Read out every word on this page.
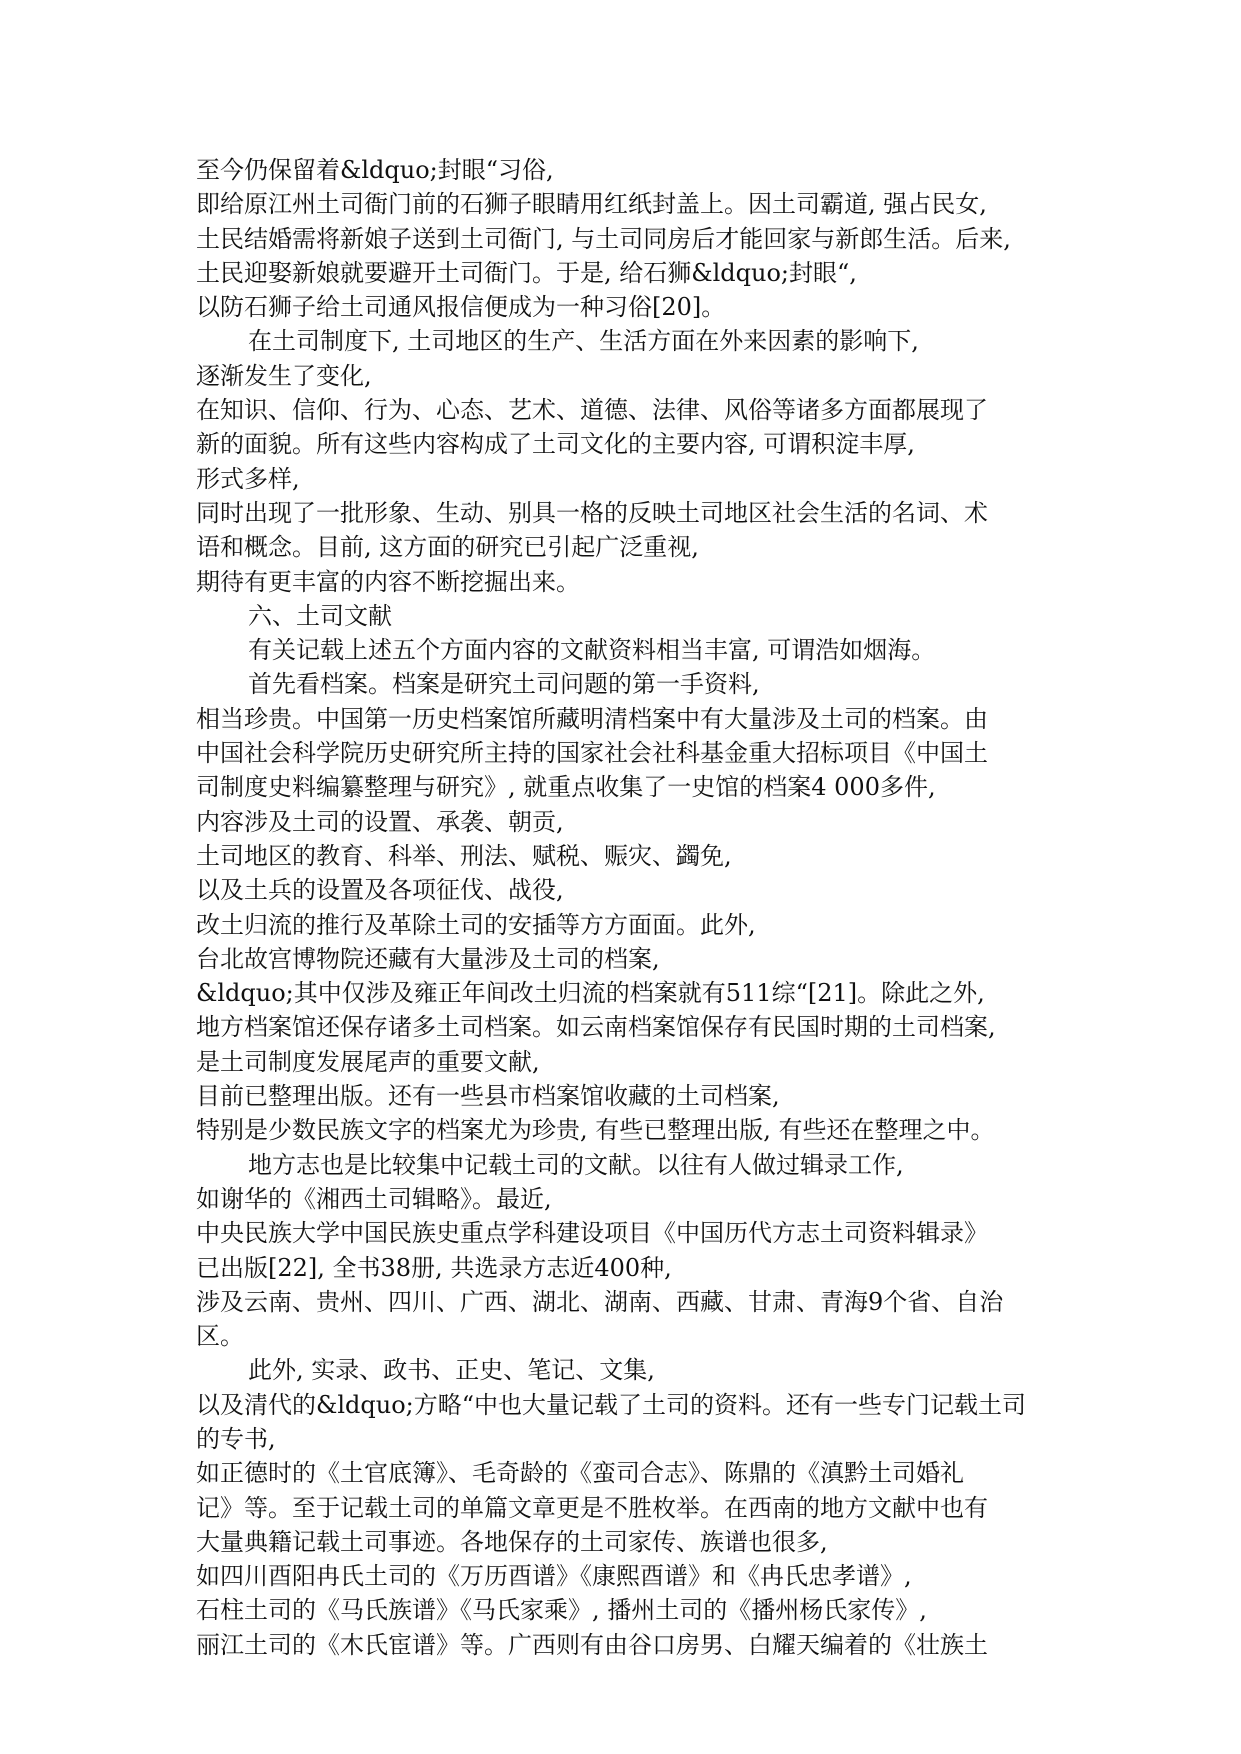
至今仍保留着&ldquo;封眼“习俗,
即给原江州土司衙门前的石狮子眼睛用红纸封盖上。因土司霸道, 强占民女,
土民结婚需将新娘子送到土司衙门, 与土司同房后才能回家与新郎生活。后来,
土民迎娶新娘就要避开土司衙门。于是, 给石狮&ldquo;封眼“,
以防石狮子给土司通风报信便成为一种习俗[20]。
在土司制度下, 土司地区的生产、生活方面在外来因素的影响下,
逐渐发生了变化,
在知识、信仰、行为、心态、艺术、道德、法律、风俗等诸多方面都展现了
新的面貌。所有这些内容构成了土司文化的主要内容, 可谓积淀丰厚,
形式多样,
同时出现了一批形象、生动、别具一格的反映土司地区社会生活的名词、术
语和概念。目前, 这方面的研究已引起广泛重视,
期待有更丰富的内容不断挖掘出来。
六、土司文献
有关记载上述五个方面内容的文献资料相当丰富, 可谓浩如烟海。
首先看档案。档案是研究土司问题的第一手资料,
相当珍贵。中国第一历史档案馆所藏明清档案中有大量涉及土司的档案。由
中国社会科学院历史研究所主持的国家社会社科基金重大招标项目《中国土
司制度史料编纂整理与研究》, 就重点收集了一史馆的档案4 000多件,
内容涉及土司的设置、承袭、朝贡,
土司地区的教育、科举、刑法、赋税、赈灾、蠲免,
以及土兵的设置及各项征伐、战役,
改土归流的推行及革除土司的安插等方方面面。此外,
台北故宫博物院还藏有大量涉及土司的档案,
&ldquo;其中仅涉及雍正年间改土归流的档案就有511综“[21]。除此之外,
地方档案馆还保存诸多土司档案。如云南档案馆保存有民国时期的土司档案,
是土司制度发展尾声的重要文献,
目前已整理出版。还有一些县市档案馆收藏的土司档案,
特别是少数民族文字的档案尤为珍贵, 有些已整理出版, 有些还在整理之中。
地方志也是比较集中记载土司的文献。以往有人做过辑录工作,
如谢华的《湘西土司辑略》。最近,
中央民族大学中国民族史重点学科建设项目《中国历代方志土司资料辑录》
已出版[22], 全书38册, 共选录方志近400种,
涉及云南、贵州、四川、广西、湖北、湖南、西藏、甘肃、青海9个省、自治
区。
此外, 实录、政书、正史、笔记、文集,
以及清代的&ldquo;方略“中也大量记载了土司的资料。还有一些专门记载土司
的专书,
如正德时的《土官底簿》、毛奇龄的《蛮司合志》、陈鼎的《滇黔土司婚礼
记》等。至于记载土司的单篇文章更是不胜枚举。在西南的地方文献中也有
大量典籍记载土司事迹。各地保存的土司家传、族谱也很多,
如四川酉阳冉氏土司的《万历酉谱》《康熙酉谱》和《冉氏忠孝谱》,
石柱土司的《马氏族谱》《马氏家乘》, 播州土司的《播州杨氏家传》,
丽江土司的《木氏宦谱》等。广西则有由谷口房男、白耀天编着的《壮族土
